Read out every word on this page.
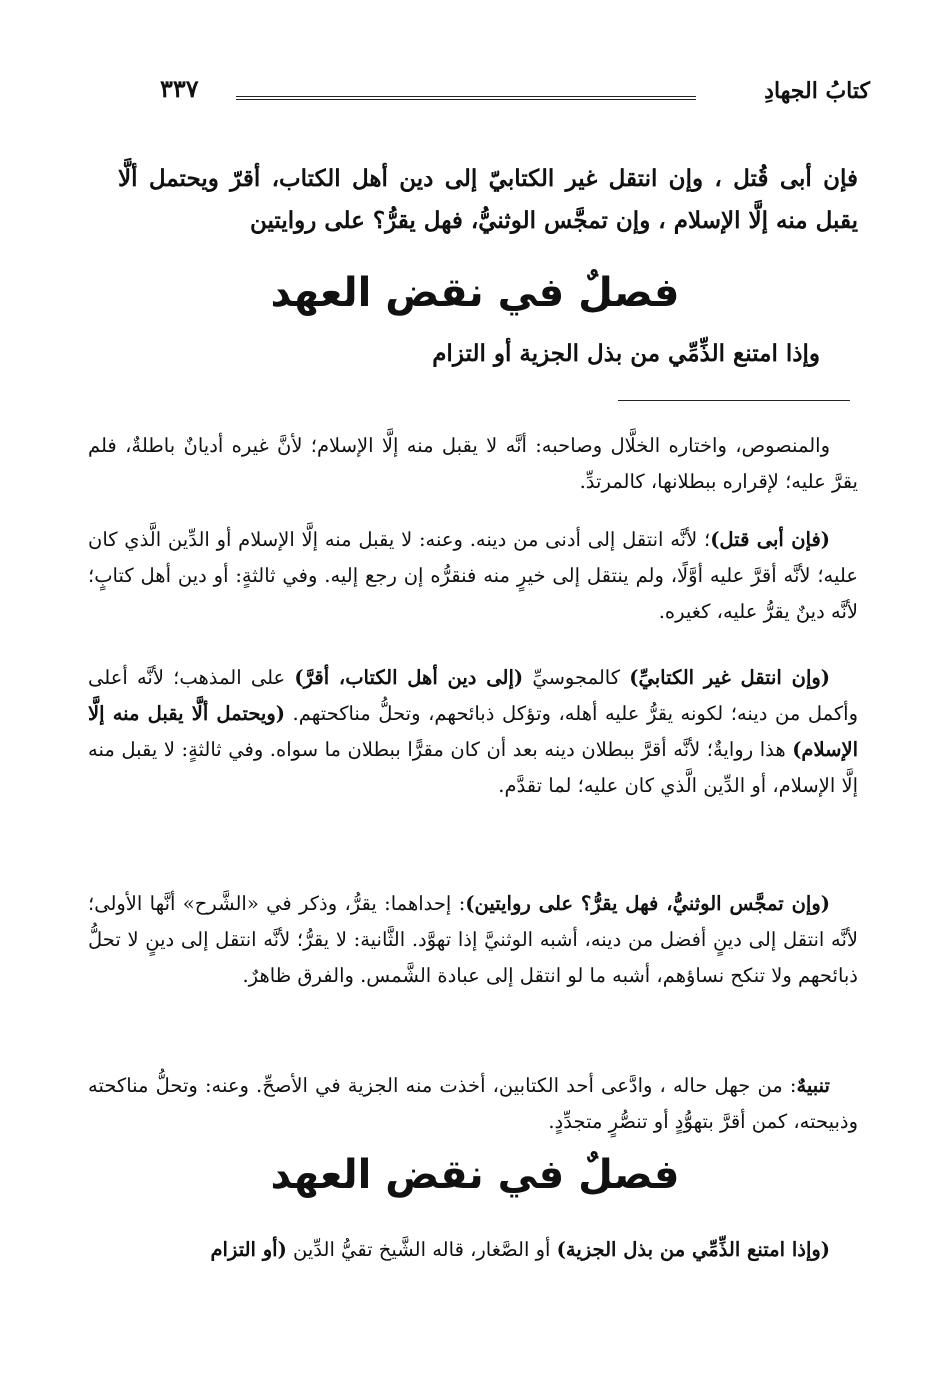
كتابُ الجهادِ
٣٣٧
فإن أبى قُتل ، وإن انتقل غير الكتابيّ إلى دين أهل الكتاب، أقرّ ويحتمل ألَّا يقبل منه إلَّا الإسلام ، وإن تمجَّس الوثنيُّ، فهل يقرُّ؟ على روايتين
فصلٌ في نقض العهد
وإذا امتنع الذِّمِّي من بذل الجزية أو التزام

والمنصوص، واختاره الخلَّال وصاحبه: أنَّه لا يقبل منه إلَّا الإسلام؛ لأنَّ غيره أديانٌ باطلةٌ، فلم يقرَّ عليه؛ لإقراره ببطلانها، كالمرتدِّ.

(فإن أبى قتل)؛ لأنَّه انتقل إلى أدنى من دينه. وعنه: لا يقبل منه إلَّا الإسلام أو الدِّين الَّذي كان عليه؛ لأنَّه أقرَّ عليه أوَّلًا، ولم ينتقل إلى خيرٍ منه فنقرُّه إن رجع إليه. وفي ثالثةٍ: أو دين أهل كتابٍ؛ لأنَّه دينٌ يقرُّ عليه، كغيره.

(وإن انتقل غير الكتابيِّ) كالمجوسيِّ (إلى دين أهل الكتاب، أقرَّ) على المذهب؛ لأنَّه أعلى وأكمل من دينه؛ لكونه يقرُّ عليه أهله، وتؤكل ذبائحهم، وتحلُّ مناكحتهم. (ويحتمل ألَّا يقبل منه إلَّا الإسلام) هذا روايةٌ؛ لأنَّه أقرَّ ببطلان دينه بعد أن كان مقرًّا ببطلان ما سواه. وفي ثالثةٍ: لا يقبل منه إلَّا الإسلام، أو الدِّين الَّذي كان عليه؛ لما تقدَّم.

(وإن تمجَّس الوثنيُّ، فهل يقرُّ؟ على روايتين): إحداهما: يقرُّ، وذكر في «الشَّرح» أنَّها الأولى؛ لأنَّه انتقل إلى دينٍ أفضل من دينه، أشبه الوثنيَّ إذا تهوَّد. الثَّانية: لا يقرُّ؛ لأنَّه انتقل إلى دينٍ لا تحلُّ ذبائحهم ولا تنكح نساؤهم، أشبه ما لو انتقل إلى عبادة الشَّمس. والفرق ظاهرٌ.

تنبيهٌ: من جهل حاله ، وادَّعى أحد الكتابين، أخذت منه الجزية في الأصحِّ. وعنه: وتحلُّ مناكحته وذبيحته، كمن أقرَّ بتهوُّدٍ أو تنصُّرٍ متجدِّدٍ.

فصلٌ في نقض العهد

(وإذا امتنع الذِّمِّي من بذل الجزية) أو الصَّغار، قاله الشَّيخ تقيُّ الدِّين (أو التزام
